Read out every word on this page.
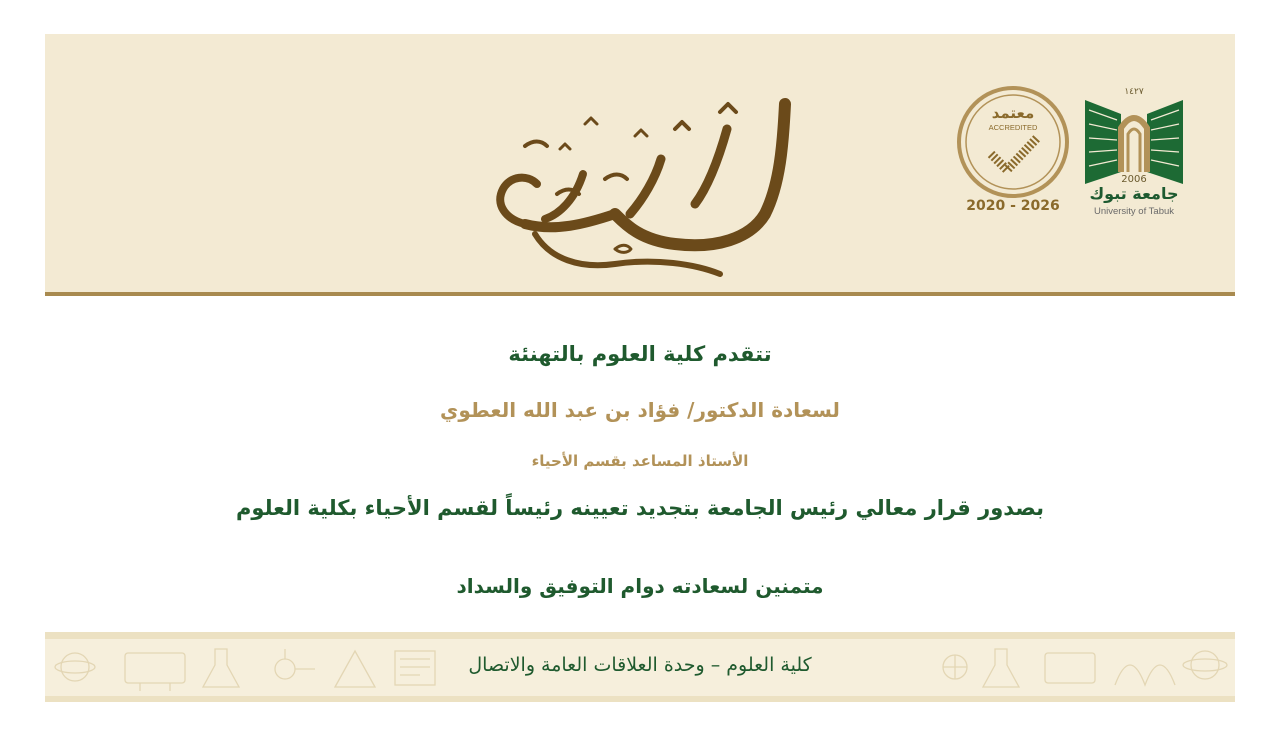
معتمد
ACCREDITED
2020 - 2026
١٤٢٧
2006
جامعة تبوك
University of Tabuk
تتقدم كلية العلوم بالتهنئة
لسعادة الدكتور/ فؤاد بن عبد الله العطوي
الأستاذ المساعد بقسم الأحياء
بصدور قرار معالي رئيس الجامعة بتجديد تعيينه رئيساً لقسم الأحياء بكلية العلوم
متمنين لسعادته دوام التوفيق والسداد
كلية العلوم – وحدة العلاقات العامة والاتصال
